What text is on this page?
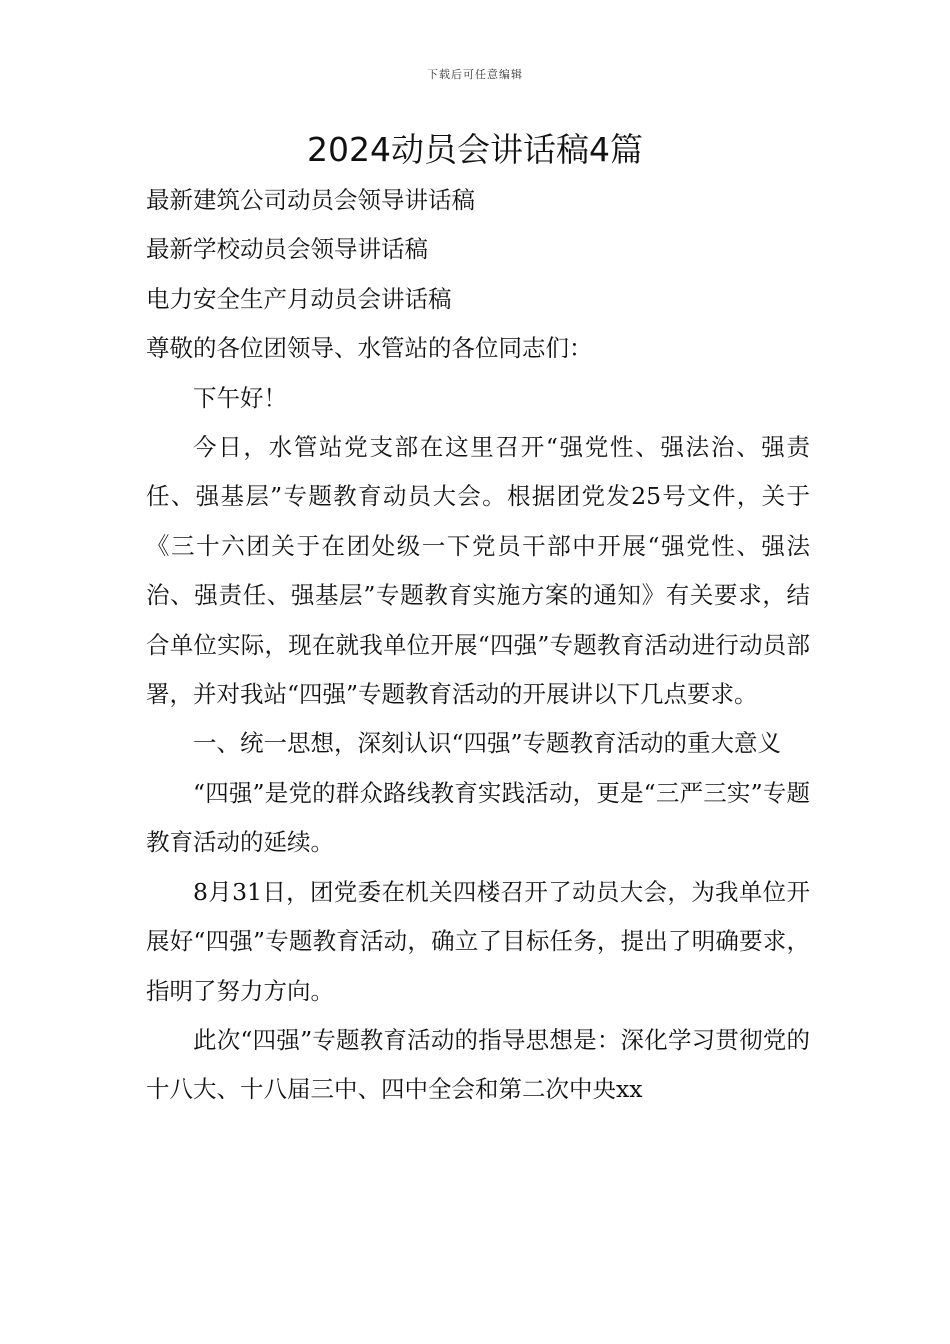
下载后可任意编辑
2024动员会讲话稿4篇

最新建筑公司动员会领导讲话稿

最新学校动员会领导讲话稿

电力安全生产月动员会讲话稿

尊敬的各位团领导、水管站的各位同志们：

下午好！

今日，水管站党支部在这里召开“强党性、强法治、强责任、强基层”专题教育动员大会。根据团党发25号文件，关于《三十六团关于在团处级一下党员干部中开展“强党性、强法治、强责任、强基层”专题教育实施方案的通知》有关要求，结合单位实际，现在就我单位开展“四强”专题教育活动进行动员部署，并对我站“四强”专题教育活动的开展讲以下几点要求。

一、统一思想，深刻认识“四强”专题教育活动的重大意义

“四强”是党的群众路线教育实践活动，更是“三严三实”专题教育活动的延续。

8月31日，团党委在机关四楼召开了动员大会，为我单位开展好“四强”专题教育活动，确立了目标任务，提出了明确要求，指明了努力方向。

此次“四强”专题教育活动的指导思想是：深化学习贯彻党的十八大、十八届三中、四中全会和第二次中央xx
